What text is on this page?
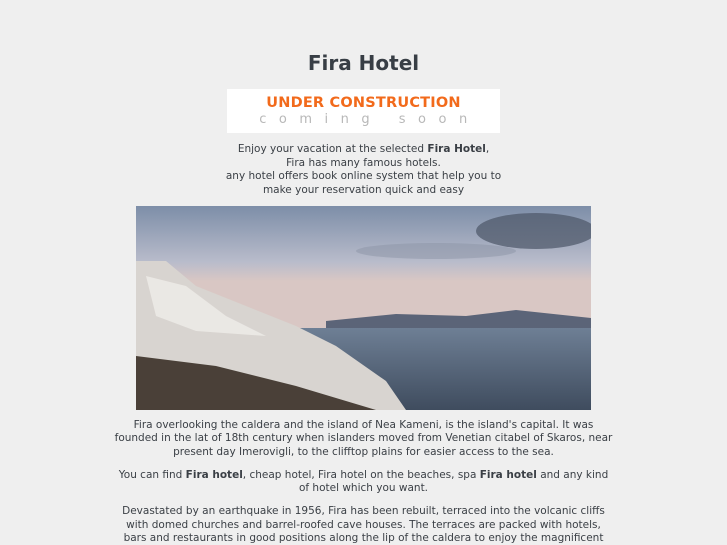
Fira Hotel
UNDER CONSTRUCTION
coming soon
Enjoy your vacation at the selected Fira Hotel,
Fira has many famous hotels.
any hotel offers book online system that help you to
make your reservation quick and easy

Fira overlooking the caldera and the island of Nea Kameni, is the island's capital. It was founded in the lat of 18th century when islanders moved from Venetian citabel of Skaros, near present day Imerovigli, to the clifftop plains for easier access to the sea.

You can find Fira hotel, cheap hotel, Fira hotel on the beaches, spa Fira hotel and any kind of hotel which you want.

Devastated by an earthquake in 1956, Fira has been rebuilt, terraced into the volcanic cliffs with domed churches and barrel-roofed cave houses. The terraces are packed with hotels, bars and restaurants in good positions along the lip of the caldera to enjoy the magnificent
